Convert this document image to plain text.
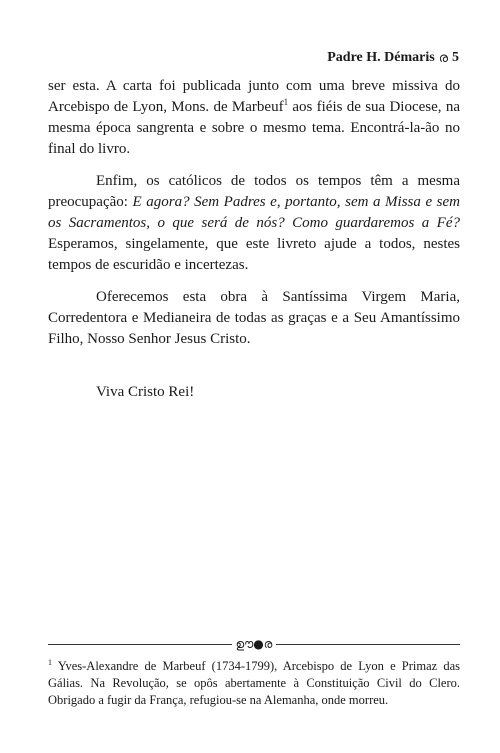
Padre H. Démaris ര 5

ser esta. A carta foi publicada junto com uma breve missiva do Arcebispo de Lyon, Mons. de Marbeuf$^1$ aos fiéis de sua Diocese, na mesma época sangrenta e sobre o mesmo tema. Encontrá-la-ão no final do livro.

Enfim, os católicos de todos os tempos têm a mesma preocupação: E agora? Sem Padres e, portanto, sem a Missa e sem os Sacramentos, o que será de nós? Como guardaremos a Fé? Esperamos, singelamente, que este livreto ajude a todos, nestes tempos de escuridão e incertezas.

Oferecemos esta obra à Santíssima Virgem Maria, Corredentora e Medianeira de todas as graças e a Seu Amantíssimo Filho, Nosso Senhor Jesus Cristo.

Viva Cristo Rei!

ഊ●ര
$^1$ Yves-Alexandre de Marbeuf (1734-1799), Arcebispo de Lyon e Primaz das Gálias. Na Revolução, se opôs abertamente à Constituição Civil do Clero. Obrigado a fugir da França, refugiou-se na Alemanha, onde morreu.
